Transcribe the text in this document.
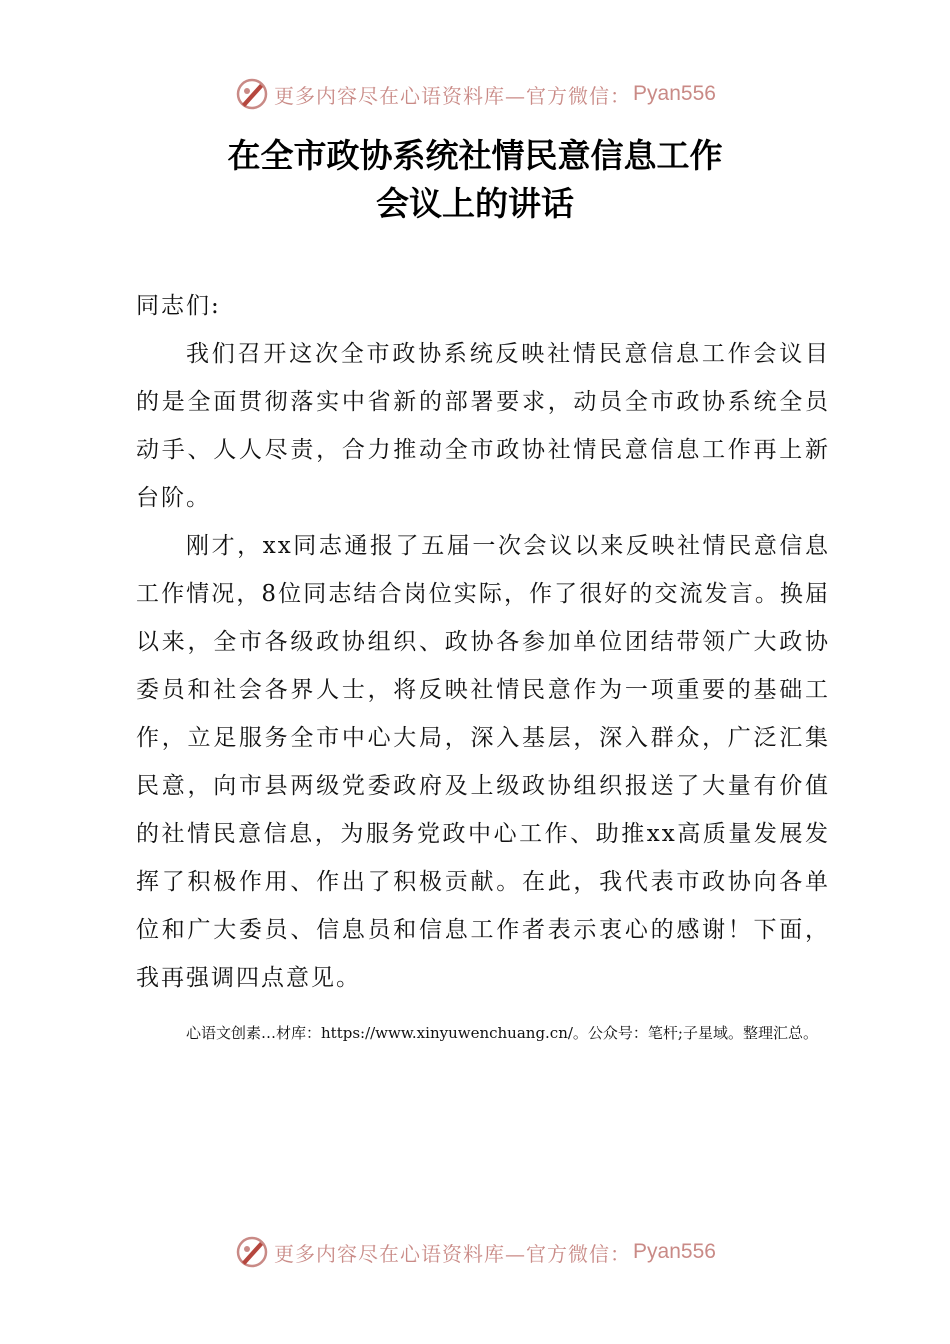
更多内容尽在心语资料库—官方微信： Pyan556
在全市政协系统社情民意信息工作
会议上的讲话

同志们:

我们召开这次全市政协系统反映社情民意信息工作会议目的是全面贯彻落实中省新的部署要求，动员全市政协系统全员动手、人人尽责，合力推动全市政协社情民意信息工作再上新台阶。

刚才，xx同志通报了五届一次会议以来反映社情民意信息工作情况，8位同志结合岗位实际，作了很好的交流发言。换届以来，全市各级政协组织、政协各参加单位团结带领广大政协委员和社会各界人士，将反映社情民意作为一项重要的基础工作，立足服务全市中心大局，深入基层，深入群众，广泛汇集民意，向市县两级党委政府及上级政协组织报送了大量有价值的社情民意信息，为服务党政中心工作、助推xx高质量发展发挥了积极作用、作出了积极贡献。在此，我代表市政协向各单位和广大委员、信息员和信息工作者表示衷心的感谢！下面，我再强调四点意见。

心语文创素…材库：https://www.xinyuwenchuang.cn/。公众号：笔杆;子星域。整理汇总。
更多内容尽在心语资料库—官方微信： Pyan556
